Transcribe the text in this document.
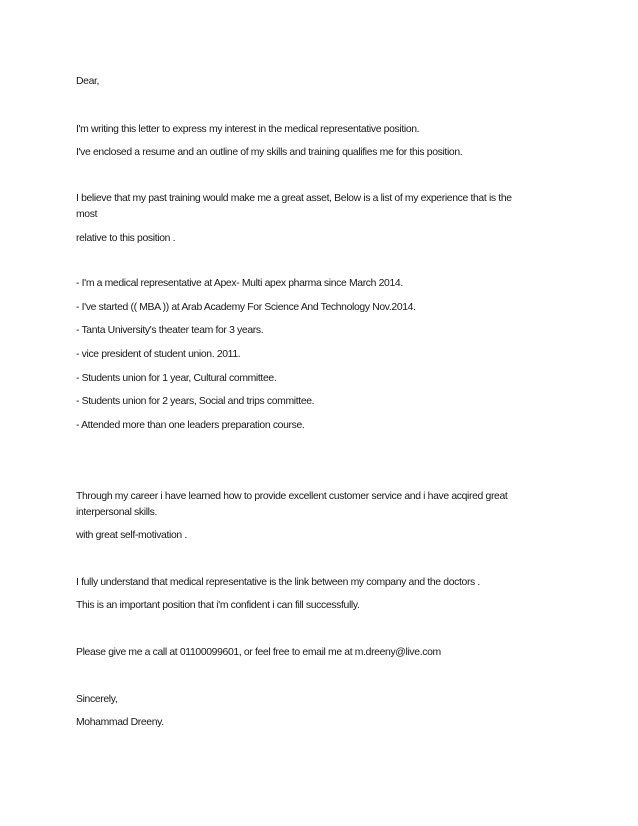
Dear,
I'm writing this letter to express my interest in the medical representative position.
I've enclosed a resume and an outline of my skills and training qualifies me for this position.
I believe that my past training would make me a great asset, Below is a list of my experience that is the
most
relative to this position .
- I'm a medical representative at Apex- Multi apex pharma since March 2014.
- I've started (( MBA )) at Arab Academy For Science And Technology Nov.2014.
- Tanta University's theater team for 3 years.
- vice president of student union. 2011.
- Students union for 1 year, Cultural committee.
- Students union for 2 years, Social and trips committee.
- Attended more than one leaders preparation course.
Through my career i have learned how to provide excellent customer service and i have acqired great
interpersonal skills.
with great self-motivation .
I fully understand that medical representative is the link between my company and the doctors .
This is an important position that i'm confident i can fill successfully.
Please give me a call at 01100099601, or feel free to email me at m.dreeny@live.com
Sincerely,
Mohammad Dreeny.
